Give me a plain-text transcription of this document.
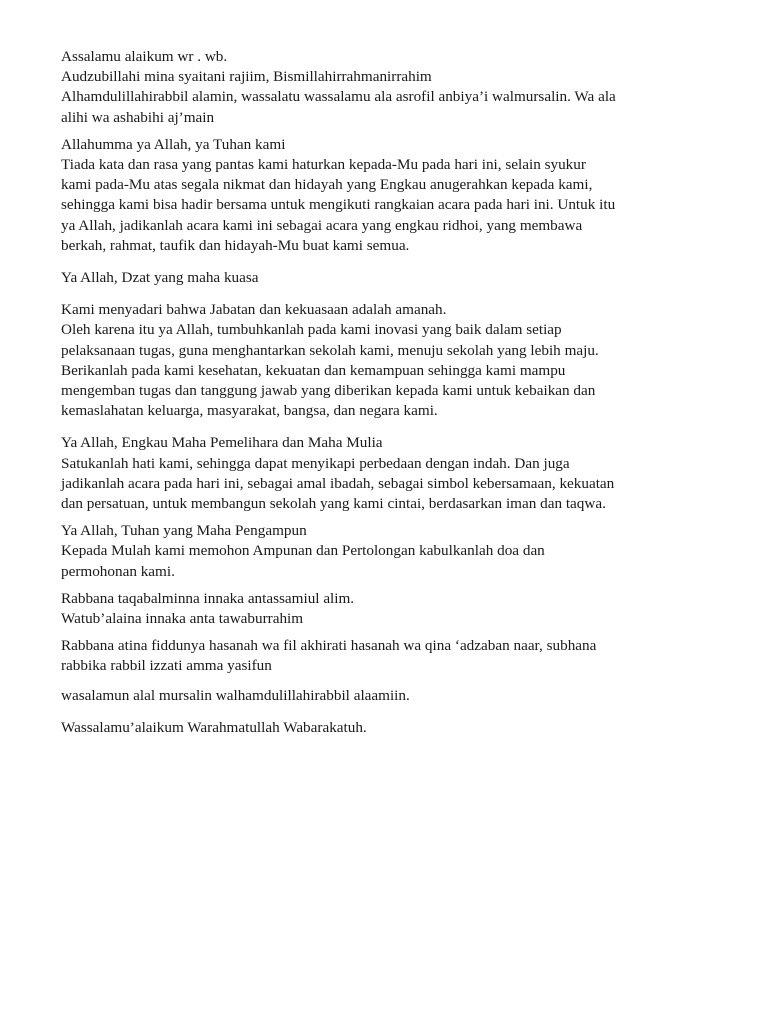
Assalamu alaikum wr . wb.
Audzubillahi mina syaitani rajiim, Bismillahirrahmanirrahim
Alhamdulillahirabbil alamin, wassalatu wassalamu ala asrofil anbiya’i walmursalin. Wa ala
alihi wa ashabihi aj’main
Allahumma ya Allah, ya Tuhan kami
Tiada kata dan rasa yang pantas kami haturkan kepada-Mu pada hari ini, selain syukur
kami pada-Mu atas segala nikmat dan hidayah yang Engkau anugerahkan kepada kami,
sehingga kami bisa hadir bersama untuk mengikuti rangkaian acara pada hari ini. Untuk itu
ya Allah, jadikanlah acara kami ini sebagai acara yang engkau ridhoi, yang membawa
berkah, rahmat, taufik dan hidayah-Mu buat kami semua.
Ya Allah, Dzat yang maha kuasa
Kami menyadari bahwa Jabatan dan kekuasaan adalah amanah.
Oleh karena itu ya Allah, tumbuhkanlah pada kami inovasi yang baik dalam setiap
pelaksanaan tugas, guna menghantarkan sekolah kami, menuju sekolah yang lebih maju.
Berikanlah pada kami kesehatan, kekuatan dan kemampuan sehingga kami mampu
mengemban tugas dan tanggung jawab yang diberikan kepada kami untuk kebaikan dan
kemaslahatan keluarga, masyarakat, bangsa, dan negara kami.
Ya Allah, Engkau Maha Pemelihara dan Maha Mulia
Satukanlah hati kami, sehingga dapat menyikapi perbedaan dengan indah. Dan juga
jadikanlah acara pada hari ini, sebagai amal ibadah, sebagai simbol kebersamaan, kekuatan
dan persatuan, untuk membangun sekolah yang kami cintai, berdasarkan iman dan taqwa.
Ya Allah, Tuhan yang Maha Pengampun
Kepada Mulah kami memohon Ampunan dan Pertolongan kabulkanlah doa dan
permohonan kami.
Rabbana taqabalminna innaka antassamiul alim.
Watub’alaina innaka anta tawaburrahim
Rabbana atina fiddunya hasanah wa fil akhirati hasanah wa qina ‘adzaban naar, subhana
rabbika rabbil izzati amma yasifun
wasalamun alal mursalin walhamdulillahirabbil alaamiin.
Wassalamu’alaikum Warahmatullah Wabarakatuh.
